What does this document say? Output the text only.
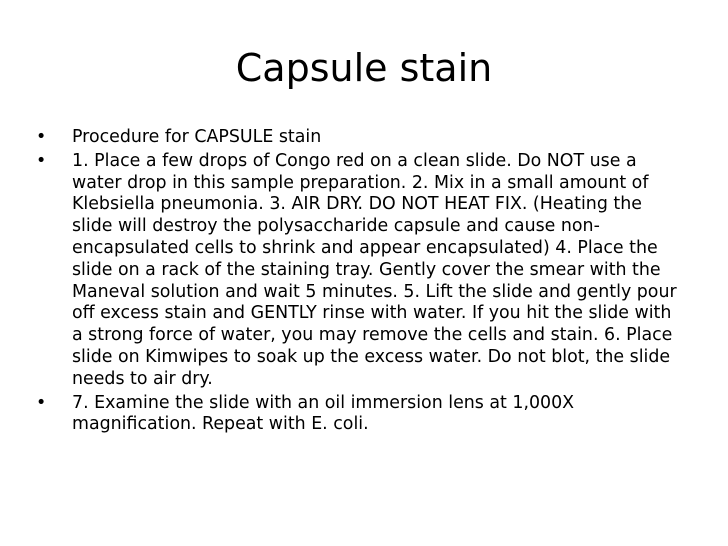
Capsule stain
•	Procedure for CAPSULE stain
•	1. Place a few drops of Congo red on a clean slide. Do NOT use a water drop in this sample preparation. 2. Mix in a small amount of Klebsiella pneumonia. 3. AIR DRY. DO NOT HEAT FIX. (Heating the slide will destroy the polysaccharide capsule and cause non-encapsulated cells to shrink and appear encapsulated) 4. Place the slide on a rack of the staining tray. Gently cover the smear with the Maneval solution and wait 5 minutes. 5. Lift the slide and gently pour off excess stain and GENTLY rinse with water. If you hit the slide with a strong force of water, you may remove the cells and stain. 6. Place slide on Kimwipes to soak up the excess water. Do not blot, the slide needs to air dry.
•	7. Examine the slide with an oil immersion lens at 1,000X magnification. Repeat with E. coli.
